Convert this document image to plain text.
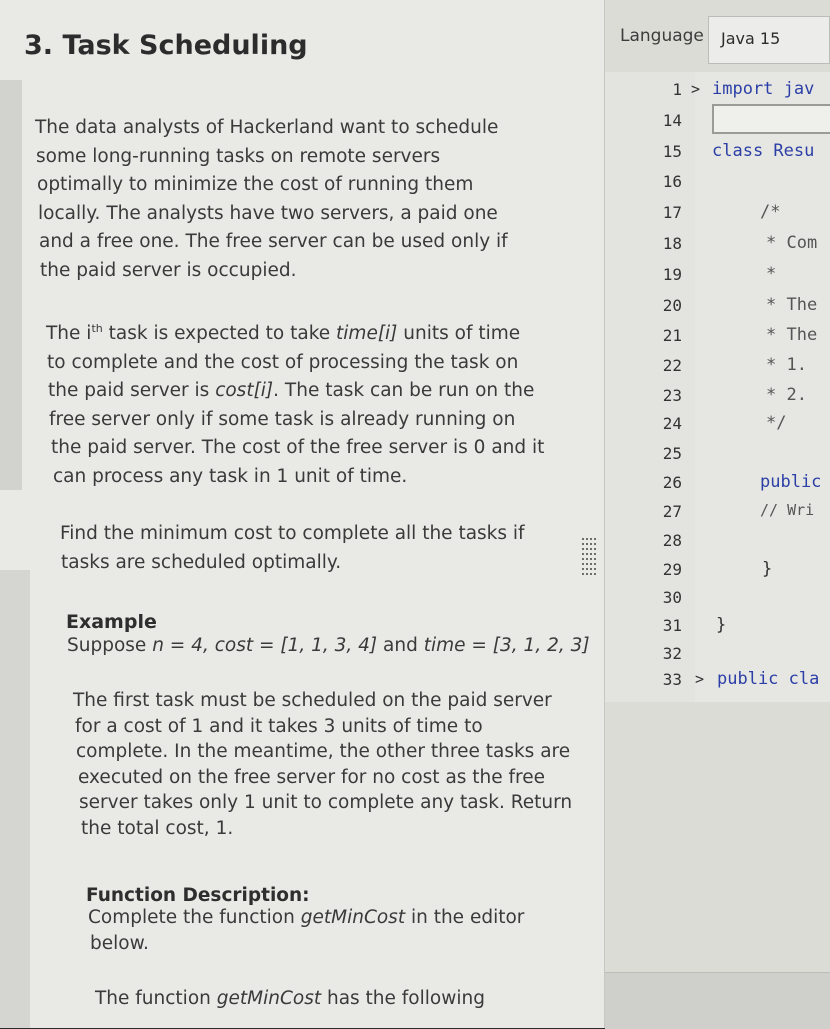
3. Task Scheduling
The data analysts of Hackerland want to schedule
some long-running tasks on remote servers
optimally to minimize the cost of running them
locally. The analysts have two servers, a paid one
and a free one. The free server can be used only if
the paid server is occupied.
The $i^{th}$ task is expected to take time[i] units of time
to complete and the cost of processing the task on
the paid server is cost[i]. The task can be run on the
free server only if some task is already running on
the paid server. The cost of the free server is 0 and it
can process any task in 1 unit of time.
Find the minimum cost to complete all the tasks if
tasks are scheduled optimally.
Example
Suppose n = 4, cost = [1, 1, 3, 4] and time = [3, 1, 2, 3]
The first task must be scheduled on the paid server
for a cost of 1 and it takes 3 units of time to
complete. In the meantime, the other three tasks are
executed on the free server for no cost as the free
server takes only 1 unit to complete any task. Return
the total cost, 1.
Function Description:
Complete the function getMinCost in the editor
below.
The function getMinCost has the following
Language	Java 15
1
14
15
16
17
18
19
20
21
22
23
24
25
26
27
28
29
30
31
32
33
>
>
import jav
class Resu
/*
* Com
*
* The
* The
* 1.
* 2.
*/
public
// Wri
}
}
public cla
